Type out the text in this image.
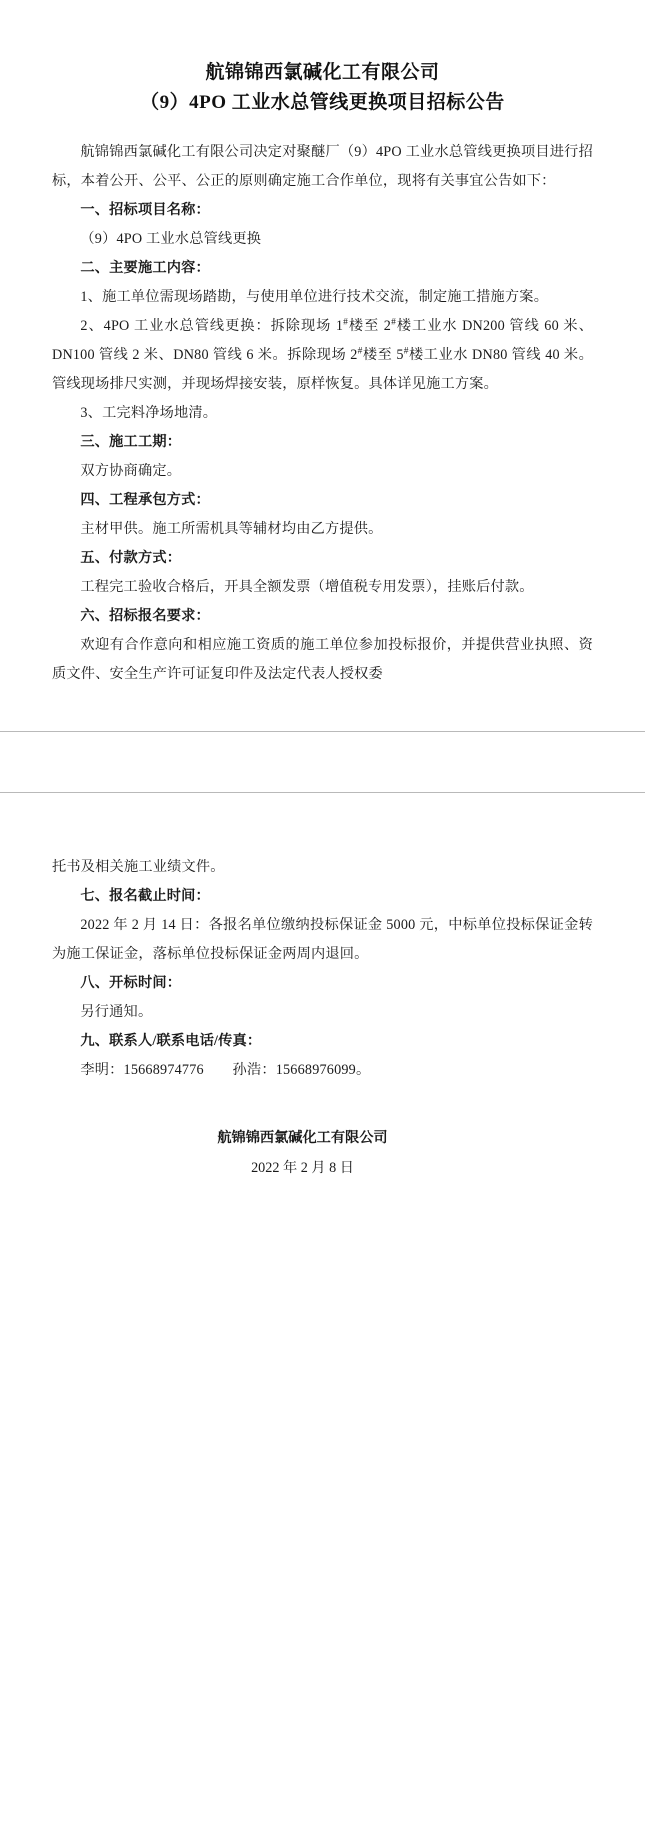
航锦锦西氯碱化工有限公司
（9）4PO 工业水总管线更换项目招标公告

航锦锦西氯碱化工有限公司决定对聚醚厂（9）4PO 工业水总管线更换项目进行招标，本着公开、公平、公正的原则确定施工合作单位，现将有关事宜公告如下：

一、招标项目名称：

（9）4PO 工业水总管线更换

二、主要施工内容：

1、施工单位需现场踏勘，与使用单位进行技术交流，制定施工措施方案。

2、4PO 工业水总管线更换：拆除现场 1#楼至 2#楼工业水 DN200 管线 60 米、DN100 管线 2 米、DN80 管线 6 米。拆除现场 2#楼至 5#楼工业水 DN80 管线 40 米。管线现场排尺实测，并现场焊接安装，原样恢复。具体详见施工方案。

3、工完料净场地清。

三、施工工期：

双方协商确定。

四、工程承包方式：

主材甲供。施工所需机具等辅材均由乙方提供。

五、付款方式：

工程完工验收合格后，开具全额发票（增值税专用发票），挂账后付款。

六、招标报名要求：

欢迎有合作意向和相应施工资质的施工单位参加投标报价，并提供营业执照、资质文件、安全生产许可证复印件及法定代表人授权委

托书及相关施工业绩文件。

七、报名截止时间：

2022 年 2 月 14 日：各报名单位缴纳投标保证金 5000 元，中标单位投标保证金转为施工保证金，落标单位投标保证金两周内退回。

八、开标时间：

另行通知。

九、联系人/联系电话/传真：

李明：15668974776　　孙浩：15668976099。

航锦锦西氯碱化工有限公司
2022 年 2 月 8 日
